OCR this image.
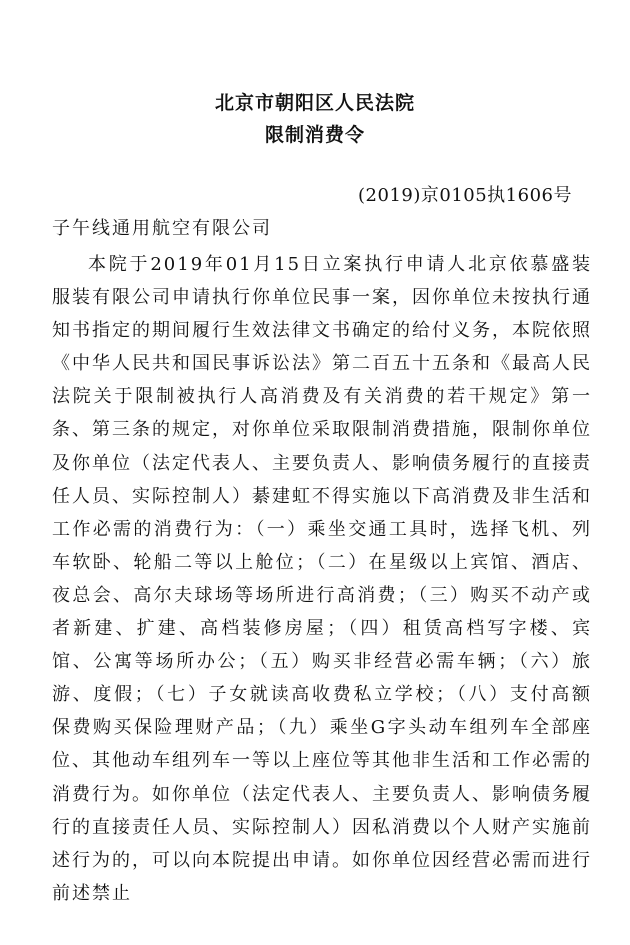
北京市朝阳区人民法院
限制消费令
(2019)京0105执1606号
子午线通用航空有限公司

本院于2019年01月15日立案执行申请人北京依慕盛装服装有限公司申请执行你单位民事一案，因你单位未按执行通知书指定的期间履行生效法律文书确定的给付义务，本院依照《中华人民共和国民事诉讼法》第二百五十五条和《最高人民法院关于限制被执行人高消费及有关消费的若干规定》第一条、第三条的规定，对你单位采取限制消费措施，限制你单位及你单位（法定代表人、主要负责人、影响债务履行的直接责任人员、实际控制人）綦建虹不得实施以下高消费及非生活和工作必需的消费行为：（一）乘坐交通工具时，选择飞机、列车软卧、轮船二等以上舱位；（二）在星级以上宾馆、酒店、夜总会、高尔夫球场等场所进行高消费；（三）购买不动产或者新建、扩建、高档装修房屋；（四）租赁高档写字楼、宾馆、公寓等场所办公；（五）购买非经营必需车辆；（六）旅游、度假；（七）子女就读高收费私立学校；（八）支付高额保费购买保险理财产品；（九）乘坐G字头动车组列车全部座位、其他动车组列车一等以上座位等其他非生活和工作必需的消费行为。如你单位（法定代表人、主要负责人、影响债务履行的直接责任人员、实际控制人）因私消费以个人财产实施前述行为的，可以向本院提出申请。如你单位因经营必需而进行前述禁止
